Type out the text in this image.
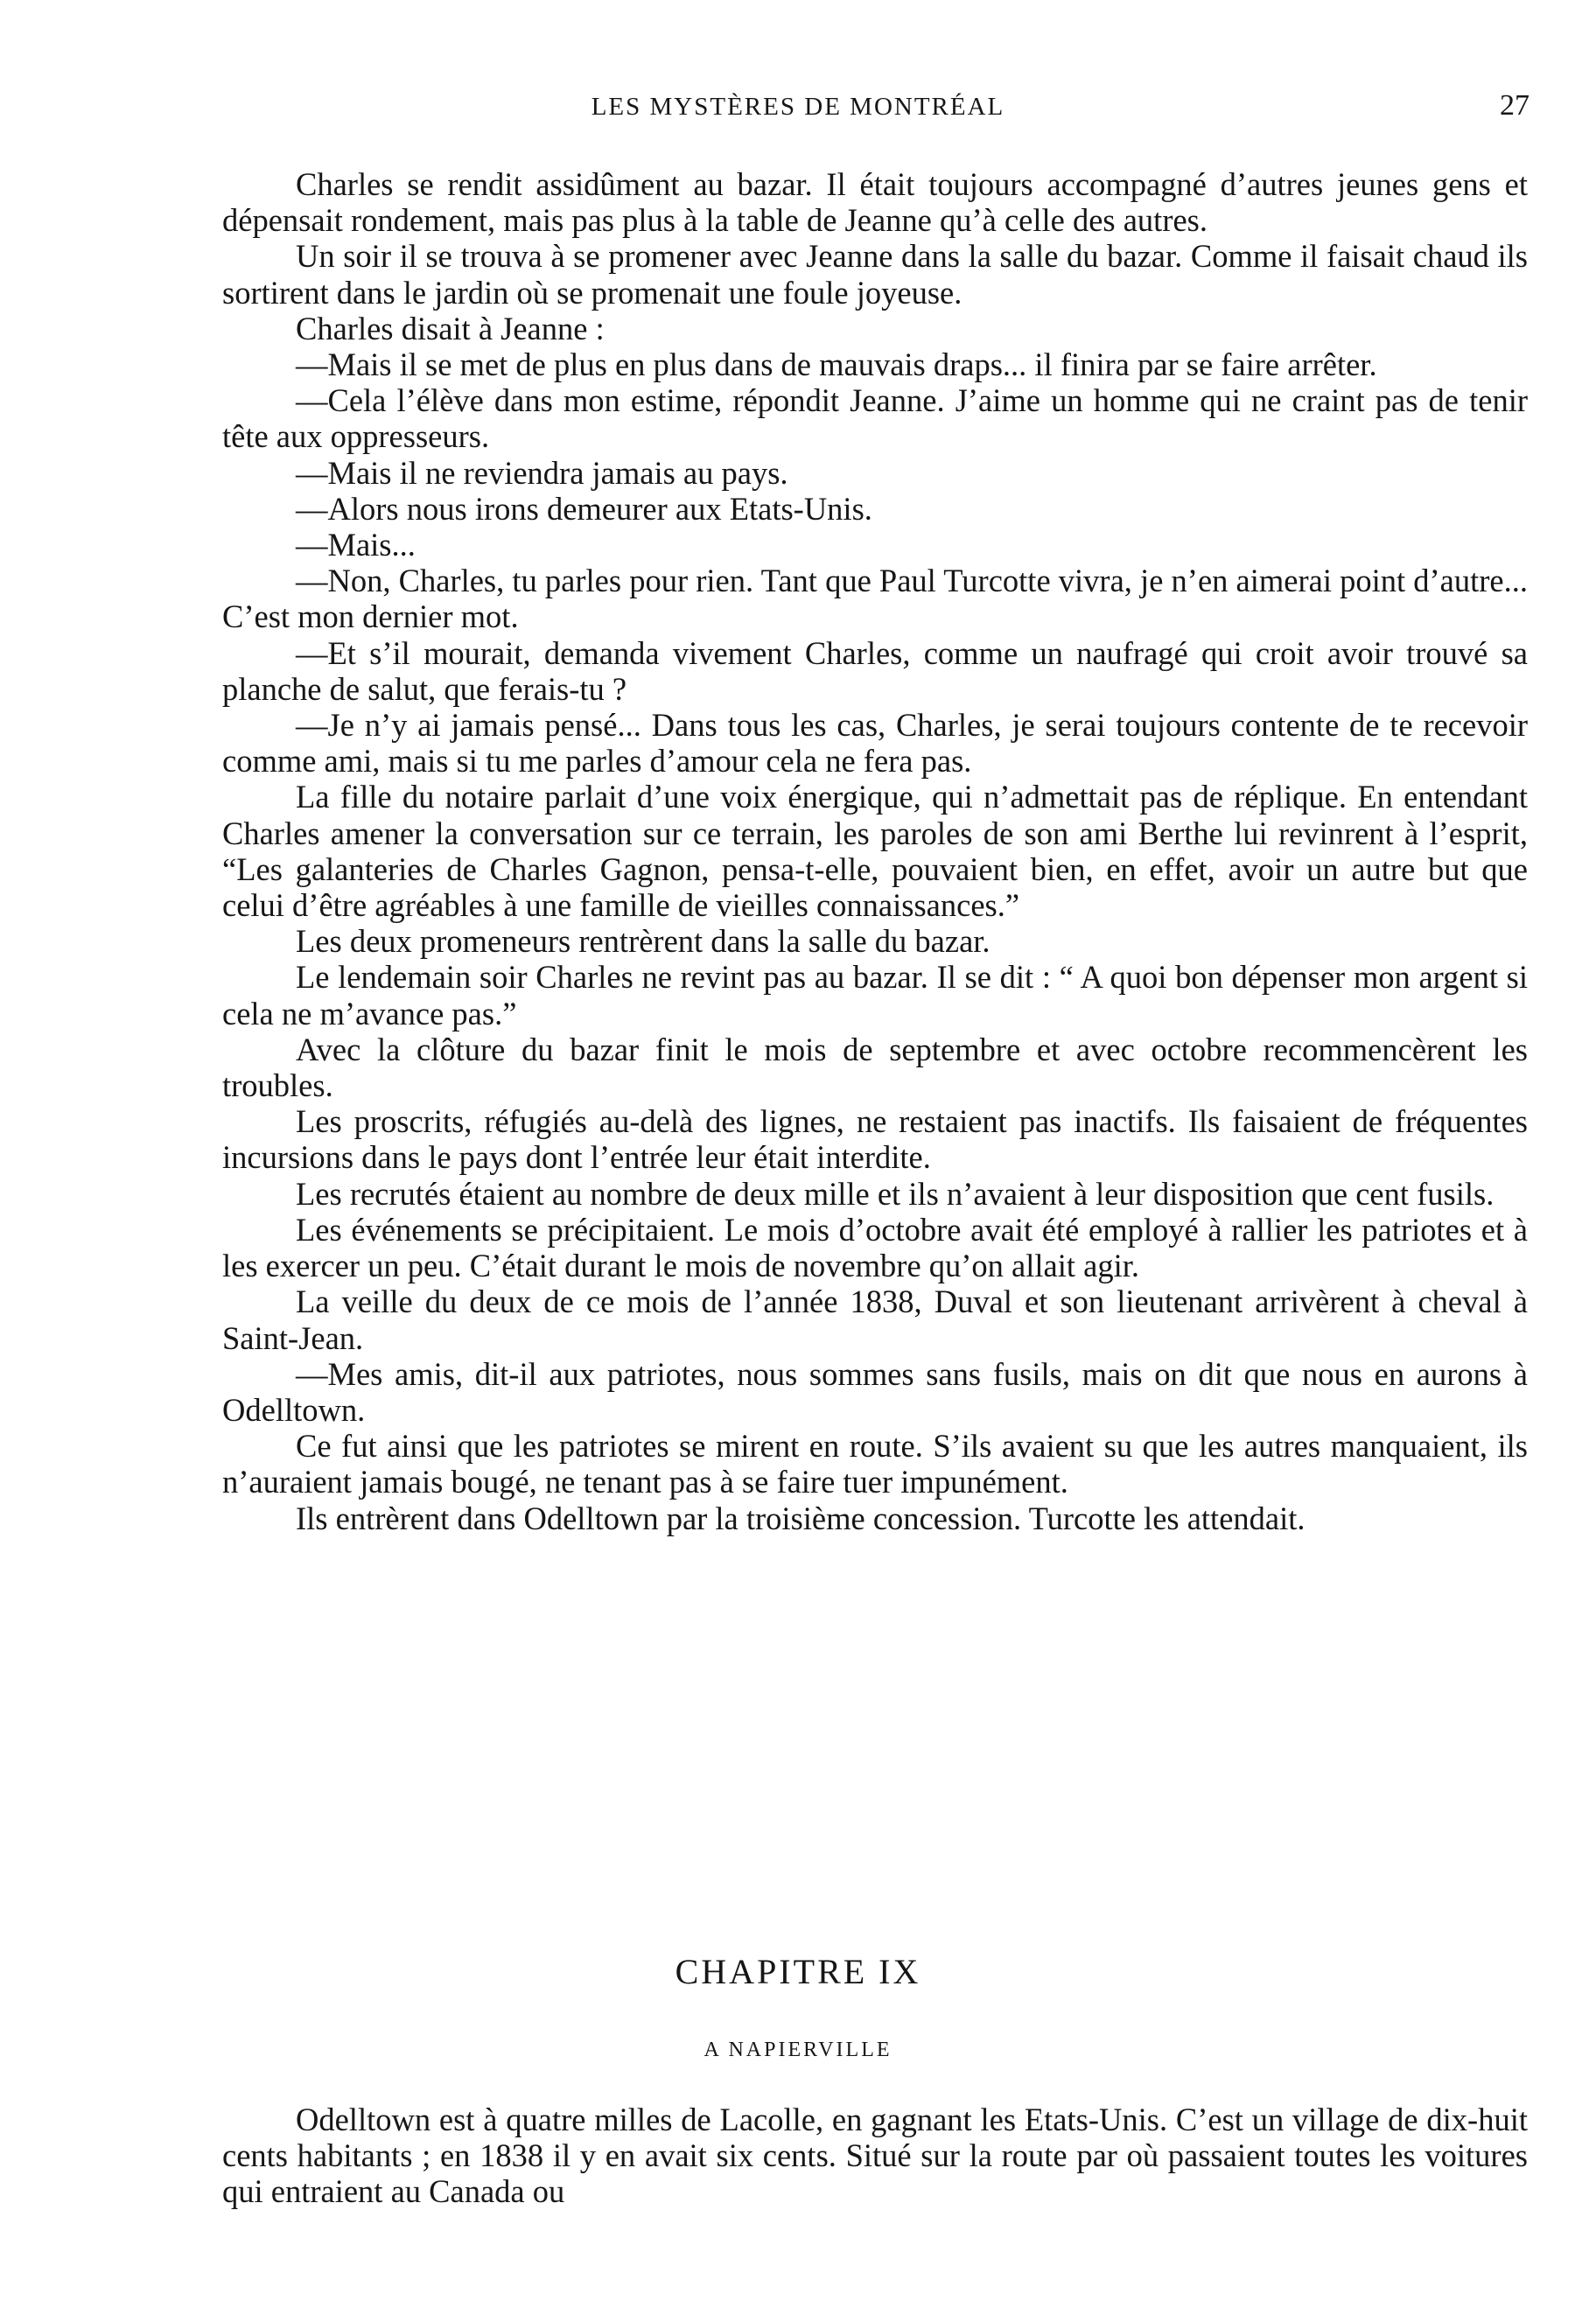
LES MYSTÈRES DE MONTRÉAL	27

Charles se rendit assidûment au bazar. Il était toujours accompagné d’autres jeunes gens et dépensait rondement, mais pas plus à la table de Jeanne qu’à celle des autres.

Un soir il se trouva à se promener avec Jeanne dans la salle du bazar. Comme il faisait chaud ils sortirent dans le jardin où se promenait une foule joyeuse.

Charles disait à Jeanne :

—Mais il se met de plus en plus dans de mauvais draps... il finira par se faire arrêter.

—Cela l’élève dans mon estime, répondit Jeanne. J’aime un homme qui ne craint pas de tenir tête aux oppresseurs.

—Mais il ne reviendra jamais au pays.

—Alors nous irons demeurer aux Etats-Unis.

—Mais...

—Non, Charles, tu parles pour rien. Tant que Paul Turcotte vivra, je n’en aimerai point d’autre... C’est mon dernier mot.

—Et s’il mourait, demanda vivement Charles, comme un naufragé qui croit avoir trouvé sa planche de salut, que ferais-tu ?

—Je n’y ai jamais pensé... Dans tous les cas, Charles, je serai toujours contente de te recevoir comme ami, mais si tu me parles d’amour cela ne fera pas.

La fille du notaire parlait d’une voix énergique, qui n’admettait pas de réplique. En entendant Charles amener la conversation sur ce terrain, les paroles de son ami Berthe lui revinrent à l’esprit, “Les galanteries de Charles Gagnon, pensa-t-elle, pouvaient bien, en effet, avoir un autre but que celui d’être agréables à une famille de vieilles connaissances.”

Les deux promeneurs rentrèrent dans la salle du bazar.

Le lendemain soir Charles ne revint pas au bazar. Il se dit : “ A quoi bon dépenser mon argent si cela ne m’avance pas.”

Avec la clôture du bazar finit le mois de septembre et avec octobre recommencèrent les troubles.

Les proscrits, réfugiés au-delà des lignes, ne restaient pas inactifs. Ils faisaient de fréquentes incursions dans le pays dont l’entrée leur était interdite.

Les recrutés étaient au nombre de deux mille et ils n’avaient à leur disposition que cent fusils.

Les événements se précipitaient. Le mois d’octobre avait été employé à rallier les patriotes et à les exercer un peu. C’était durant le mois de novembre qu’on allait agir.

La veille du deux de ce mois de l’année 1838, Duval et son lieutenant arrivèrent à cheval à Saint-Jean.

—Mes amis, dit-il aux patriotes, nous sommes sans fusils, mais on dit que nous en aurons à Odelltown.

Ce fut ainsi que les patriotes se mirent en route. S’ils avaient su que les autres manquaient, ils n’auraient jamais bougé, ne tenant pas à se faire tuer impunément.

Ils entrèrent dans Odelltown par la troisième concession. Turcotte les attendait.

CHAPITRE IX
A NAPIERVILLE

Odelltown est à quatre milles de Lacolle, en gagnant les Etats-Unis. C’est un village de dix-huit cents habitants ; en 1838 il y en avait six cents. Situé sur la route par où passaient toutes les voitures qui entraient au Canada ou
